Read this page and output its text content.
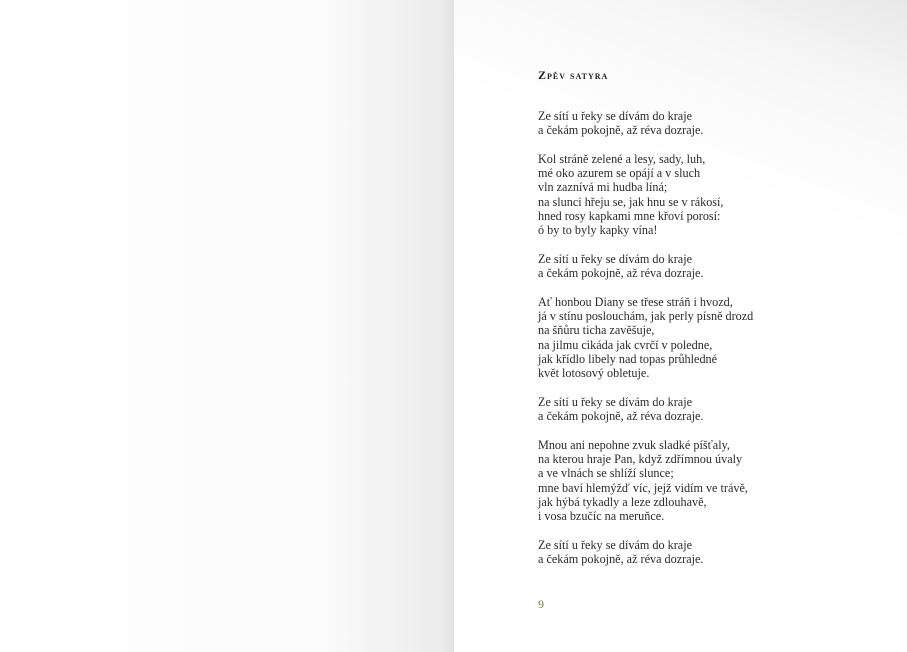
Zpěv satyra
Ze sítí u řeky se dívám do kraje
a čekám pokojně, až réva dozraje.
Kol stráně zelené a lesy, sady, luh,
mé oko azurem se opájí a v sluch
vln zaznívá mi hudba líná;
na slunci hřeju se, jak hnu se v rákosí,
hned rosy kapkami mne křoví porosí:
ó by to byly kapky vína!
Ze sítí u řeky se dívám do kraje
a čekám pokojně, až réva dozraje.
Ať honbou Diany se třese stráň i hvozd,
já v stínu poslouchám, jak perly písně drozd
na šňůru ticha zavěšuje,
na jilmu cikáda jak cvrčí v poledne,
jak křídlo libely nad topas průhledné
květ lotosový obletuje.
Ze sítí u řeky se dívám do kraje
a čekám pokojně, až réva dozraje.
Mnou ani nepohne zvuk sladké píšťaly,
na kterou hraje Pan, když zdřímnou úvaly
a ve vlnách se shlíží slunce;
mne baví hlemýžď víc, jejž vidím ve trávě,
jak hýbá tykadly a leze zdlouhavě,
i vosa bzučíc na meruňce.
Ze sítí u řeky se dívám do kraje
a čekám pokojně, až réva dozraje.
9
